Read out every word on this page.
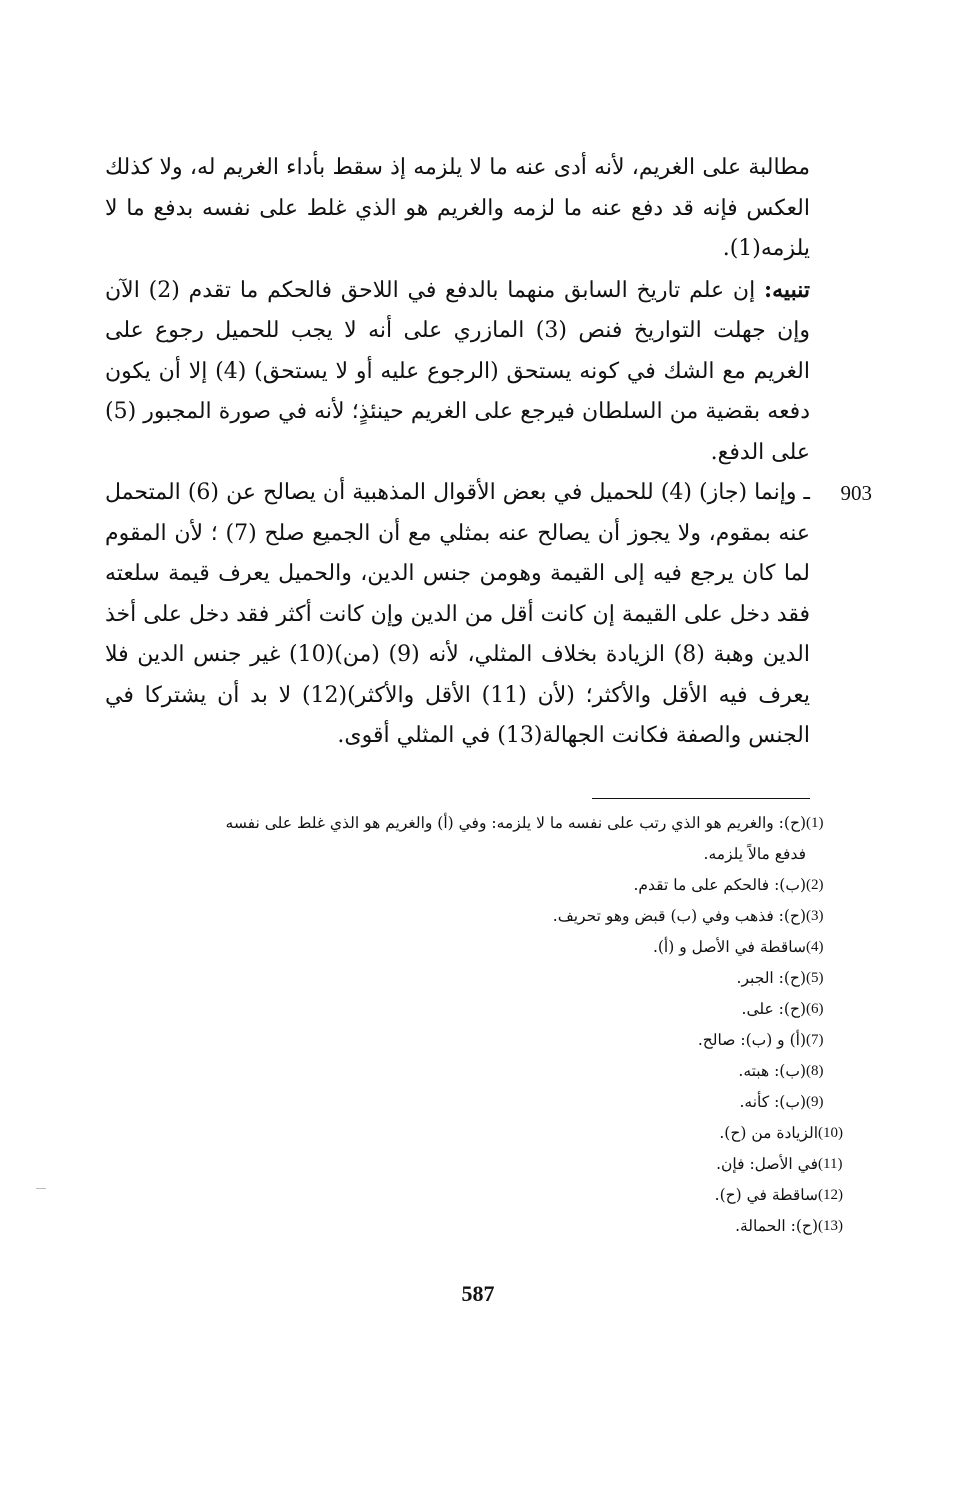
مطالبة على الغريم، لأنه أدى عنه ما لا يلزمه إذ سقط بأداء الغريم له، ولا كذلك العكس فإنه قد دفع عنه ما لزمه والغريم هو الذي غلط على نفسه بدفع ما لا يلزمه(1).

تنبيه: إن علم تاريخ السابق منهما بالدفع في اللاحق فالحكم ما تقدم (2) الآن وإن جهلت التواريخ فنص (3) المازري على أنه لا يجب للحميل رجوع على الغريم مع الشك في كونه يستحق (الرجوع عليه أو لا يستحق) (4) إلا أن يكون دفعه بقضية من السلطان فيرجع على الغريم حينئذٍ؛ لأنه في صورة المجبور (5) على الدفع.

903
ـ وإنما (جاز) (4) للحميل في بعض الأقوال المذهبية أن يصالح عن (6) المتحمل عنه بمقوم، ولا يجوز أن يصالح عنه بمثلي مع أن الجميع صلح (7) ؛ لأن المقوم لما كان يرجع فيه إلى القيمة وهومن جنس الدين، والحميل يعرف قيمة سلعته فقد دخل على القيمة إن كانت أقل من الدين وإن كانت أكثر فقد دخل على أخذ الدين وهبة (8) الزيادة بخلاف المثلي، لأنه (9) (من)(10) غير جنس الدين فلا يعرف فيه الأقل والأكثر؛ (لأن (11) الأقل والأكثر)(12) لا بد أن يشتركا في الجنس والصفة فكانت الجهالة(13) في المثلي أقوى.

(1)
(ح): والغريم هو الذي رتب على نفسه ما لا يلزمه: وفي (أ) والغريم هو الذي غلط على نفسه
فدفع مالاً يلزمه.
(2)
(ب): فالحكم على ما تقدم.
(3)
(ح): فذهب وفي (ب) قبض وهو تحريف.
(4)
ساقطة في الأصل و (أ).
(5)
(ح): الجبر.
(6)
(ح): على.
(7)
(أ) و (ب): صالح.
(8)
(ب): هبته.
(9)
(ب): كأنه.
(10)
الزيادة من (ح).
(11)
في الأصل: فإن.
(12)
ساقطة في (ح).
(13)
(ح): الحمالة.
587
